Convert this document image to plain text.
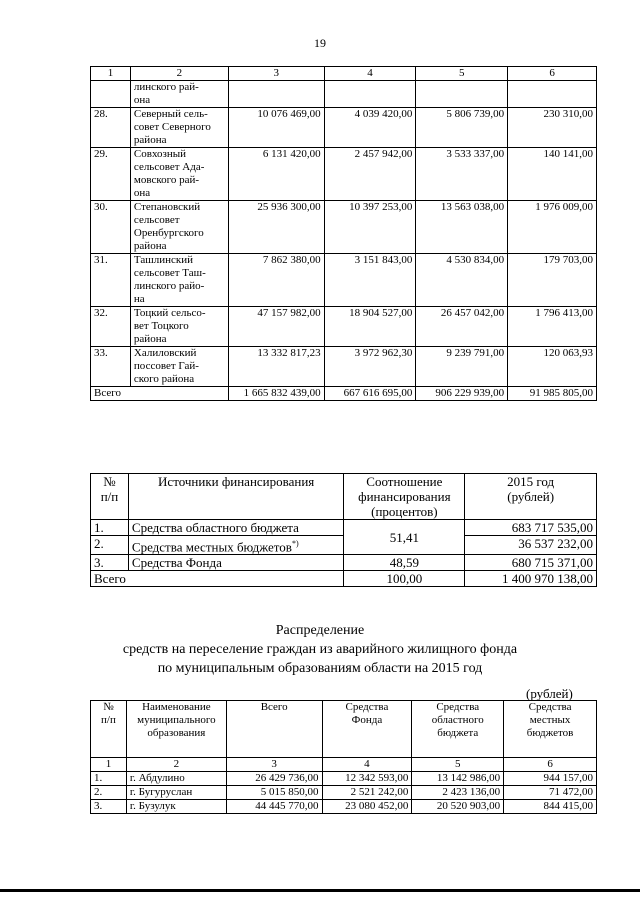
19
1	2	3	4	5	6
	линского рай-
она				
28.	Северный сель-
совет Северного
района	10 076 469,00	4 039 420,00	5 806 739,00	230 310,00
29.	Совхозный
сельсовет Ада-
мовского рай-
она	6 131 420,00	2 457 942,00	3 533 337,00	140 141,00
30.	Степановский
сельсовет
Оренбургского
района	25 936 300,00	10 397 253,00	13 563 038,00	1 976 009,00
31.	Ташлинский
сельсовет Таш-
линского райо-
на	7 862 380,00	3 151 843,00	4 530 834,00	179 703,00
32.	Тоцкий сельсо-
вет Тоцкого
района	47 157 982,00	18 904 527,00	26 457 042,00	1 796 413,00
33.	Халиловский
поссовет Гай-
ского района	13 332 817,23	3 972 962,30	9 239 791,00	120 063,93
Всего		1 665 832 439,00	667 616 695,00	906 229 939,00	91 985 805,00
№
п/п	Источники финансирования	Соотношение
финансирования
(процентов)	2015 год
(рублей)
1.	Средства областного бюджета	51,41	683 717 535,00
2.	Средства местных бюджетов*)		36 537 232,00
3.	Средства Фонда	48,59	680 715 371,00
Всего		100,00	1 400 970 138,00
Распределение
средств на переселение граждан из аварийного жилищного фонда
по муниципальным образованиям области на 2015 год
(рублей)
№
п/п	Наименование
муниципального
образования	Всего	Средства
Фонда	Средства
областного
бюджета	Средства
местных
бюджетов
1	2	3	4	5	6
1.	г. Абдулино	26 429 736,00	12 342 593,00	13 142 986,00	944 157,00
2.	г. Бугуруслан	5 015 850,00	2 521 242,00	2 423 136,00	71 472,00
3.	г. Бузулук	44 445 770,00	23 080 452,00	20 520 903,00	844 415,00
